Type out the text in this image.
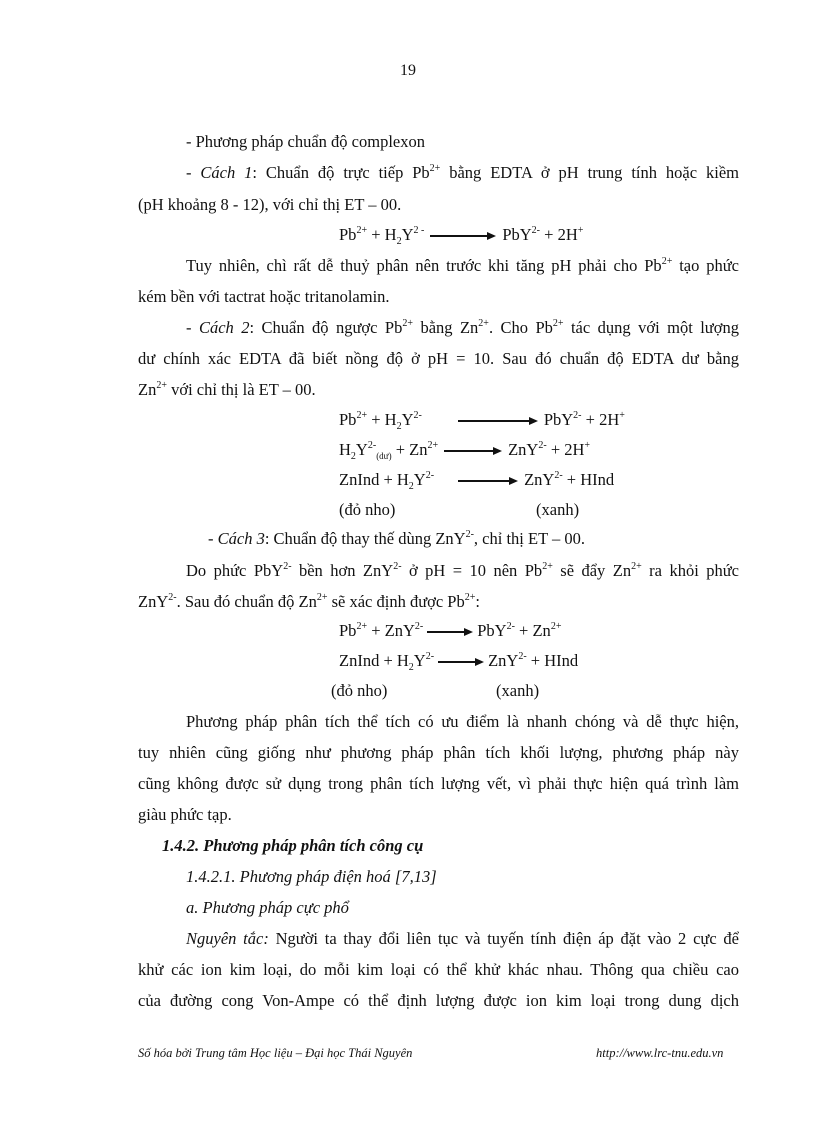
19
- Phương pháp chuẩn độ complexon
- Cách 1: Chuẩn độ trực tiếp $Pb^{2+}$ bằng EDTA ở pH trung tính hoặc kiềm
(pH khoảng 8 - 12), với chỉ thị ET – 00.
$Pb^{2+} + H_2Y^{2 -}$	PbY$^{2-}$ + 2H+
Tuy nhiên, chì rất dễ thuỷ phân nên trước khi tăng pH phải cho $Pb^{2+}$ tạo phức
kém bền với tactrat hoặc tritanolamin.
- Cách 2: Chuẩn độ ngược $Pb^{2+}$ bằng $Zn^{2+}$. Cho $Pb^{2+}$ tác dụng với một lượng
dư chính xác EDTA đã biết nồng độ ở pH = 10. Sau đó chuẩn độ EDTA dư bằng
$Zn^{2+}$ với chỉ thị là ET – 00.
$Pb^{2+} + H_2Y^{2-}$	PbY$^{2-}$ + 2H+
$H_2Y^{2-}_{(dư)} + Zn^{2+}$	ZnY$^{2-}$ + 2H+
ZnInd + $H_2Y^{2-}$	ZnY$^{2-}$ + HInd
(đỏ nho)	(xanh)
- Cách 3: Chuẩn độ thay thế dùng ZnY$^{2-}$, chỉ thị ET – 00.
Do phức PbY$^{2-}$ bền hơn ZnY$^{2-}$ ở pH = 10 nên $Pb^{2+}$ sẽ đẩy $Zn^{2+}$ ra khỏi phức
ZnY$^{2-}$. Sau đó chuẩn độ $Zn^{2+}$ sẽ xác định được $Pb^{2+}$:
$Pb^{2+} + ZnY^{2-}$	$PbY^{2-} + Zn^{2+}$
ZnInd + $H_2Y^{2-}$	ZnY$^{2-}$ + HInd
(đỏ nho)	(xanh)
Phương pháp phân tích thể tích có ưu điểm là nhanh chóng và dễ thực hiện,
tuy nhiên cũng giống như phương pháp phân tích khối lượng, phương pháp này
cũng không được sử dụng trong phân tích lượng vết, vì phải thực hiện quá trình làm
giàu phức tạp.
1.4.2. Phương pháp phân tích công cụ
1.4.2.1. Phương pháp điện hoá [7,13]
a. Phương pháp cực phổ
Nguyên tắc: Người ta thay đổi liên tục và tuyến tính điện áp đặt vào 2 cực để
khử các ion kim loại, do mỗi kim loại có thể khử khác nhau. Thông qua chiều cao
của đường cong Von-Ampe có thể định lượng được ion kim loại trong dung dịch
Số hóa bởi Trung tâm Học liệu – Đại học Thái Nguyên	http://www.lrc-tnu.edu.vn
